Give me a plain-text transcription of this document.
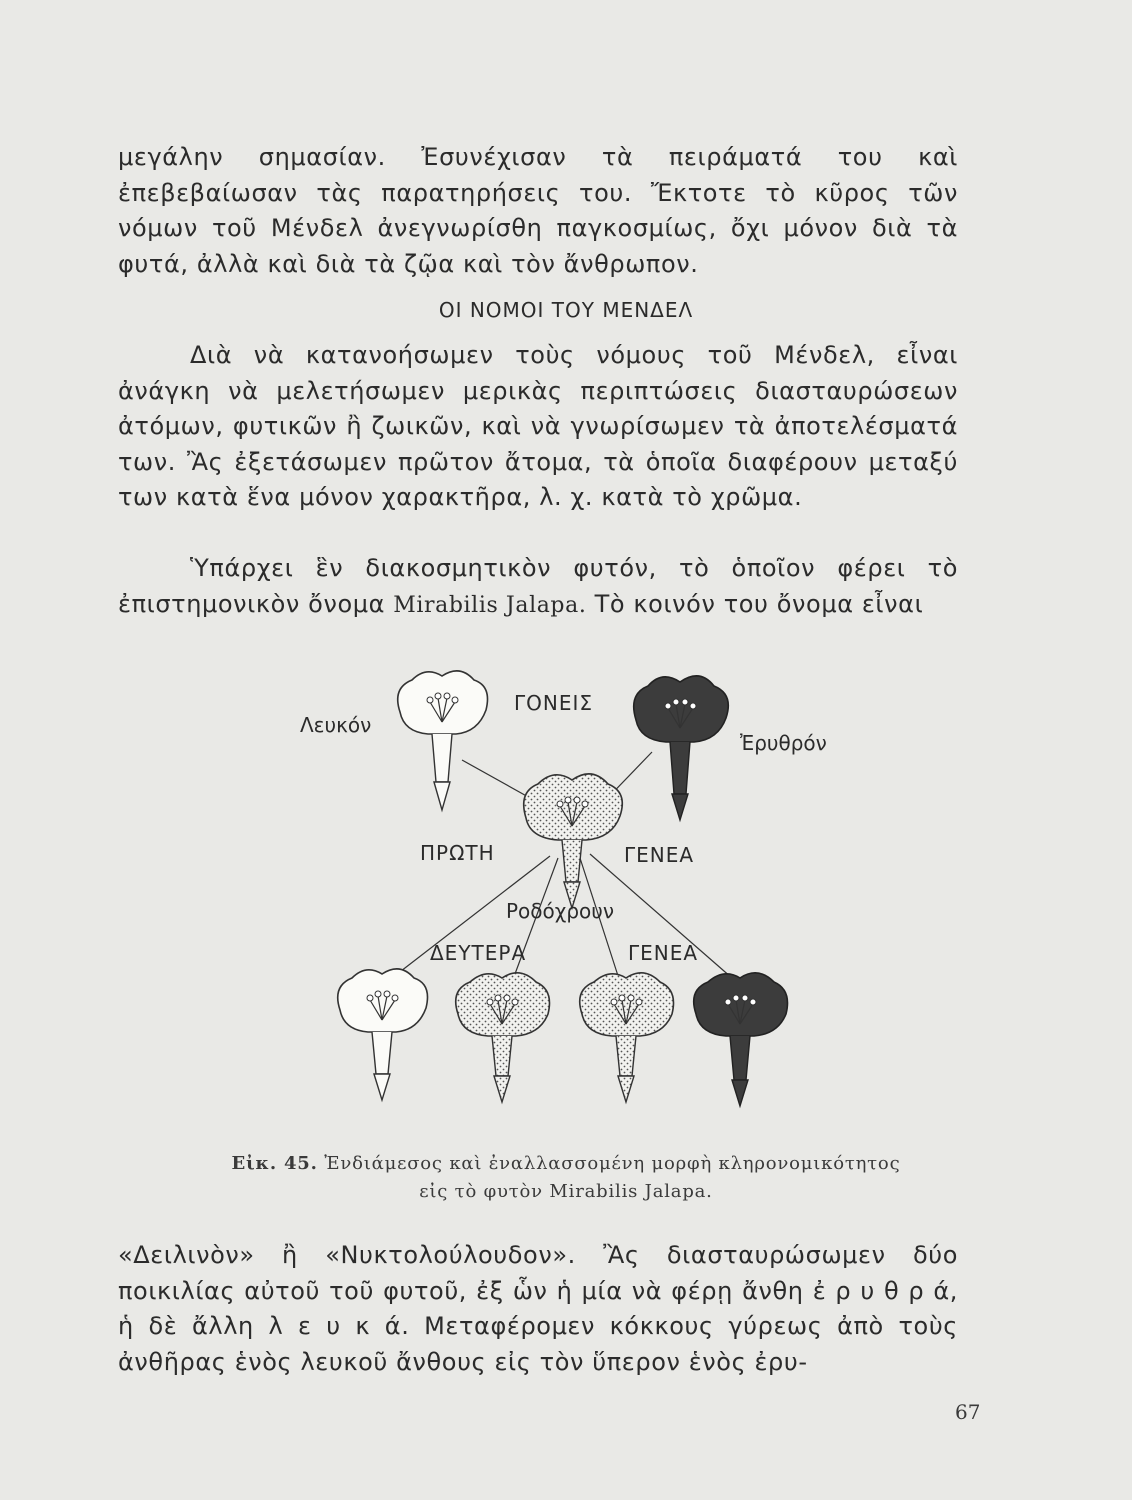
μεγάλην σημασίαν. Ἐσυνέχισαν τὰ πειράματά του καὶ ἐπεβεβαίωσαν τὰς παρατηρήσεις του. Ἔκτοτε τὸ κῦρος τῶν νόμων τοῦ Μένδελ ἀνεγνωρίσθη παγκοσμίως, ὄχι μόνον διὰ τὰ φυτά, ἀλλὰ καὶ διὰ τὰ ζῷα καὶ τὸν ἄνθρωπον.
ΟΙ ΝΟΜΟΙ ΤΟΥ ΜΕΝΔΕΛ
Διὰ νὰ κατανοήσωμεν τοὺς νόμους τοῦ Μένδελ, εἶναι ἀνάγκη νὰ μελετήσωμεν μερικὰς περιπτώσεις διασταυρώσεων ἀτόμων, φυτικῶν ἢ ζωικῶν, καὶ νὰ γνωρίσωμεν τὰ ἀποτελέσματά των. Ἂς ἐξετάσωμεν πρῶτον ἄτομα, τὰ ὁποῖα διαφέρουν μεταξύ των κατὰ ἕνα μόνον χαρακτῆρα, λ. χ. κατὰ τὸ χρῶμα.
Ὑπάρχει ἓν διακοσμητικὸν φυτόν, τὸ ὁποῖον φέρει τὸ ἐπιστημονικὸν ὄνομα Mirabilis Jalapa. Τὸ κοινόν του ὄνομα εἶναι
Λευκόν
ΓΟΝΕΙΣ
Ἐρυθρόν
ΠΡΩΤΗ	ΓΕΝΕΑ
Ροδόχρουν
ΔΕΥΤΕΡΑ	ΓΕΝΕΑ
Εἰκ. 45. Ἐνδιάμεσος καὶ ἐναλλασσομένη μορφὴ κληρονομικότητος
εἰς τὸ φυτὸν Mirabilis Jalapa.
«Δειλινὸν» ἢ «Νυκτολούλουδον». Ἂς διασταυρώσωμεν δύο ποικιλίας αὐτοῦ τοῦ φυτοῦ, ἐξ ὧν ἡ μία νὰ φέρῃ ἄνθη ἐ ρ υ θ ρ ά, ἡ δὲ ἄλλη λ ε υ κ ά. Μεταφέρομεν κόκκους γύρεως ἀπὸ τοὺς ἀνθῆρας ἑνὸς λευκοῦ ἄνθους εἰς τὸν ὕπερον ἑνὸς ἐρυ-
67
